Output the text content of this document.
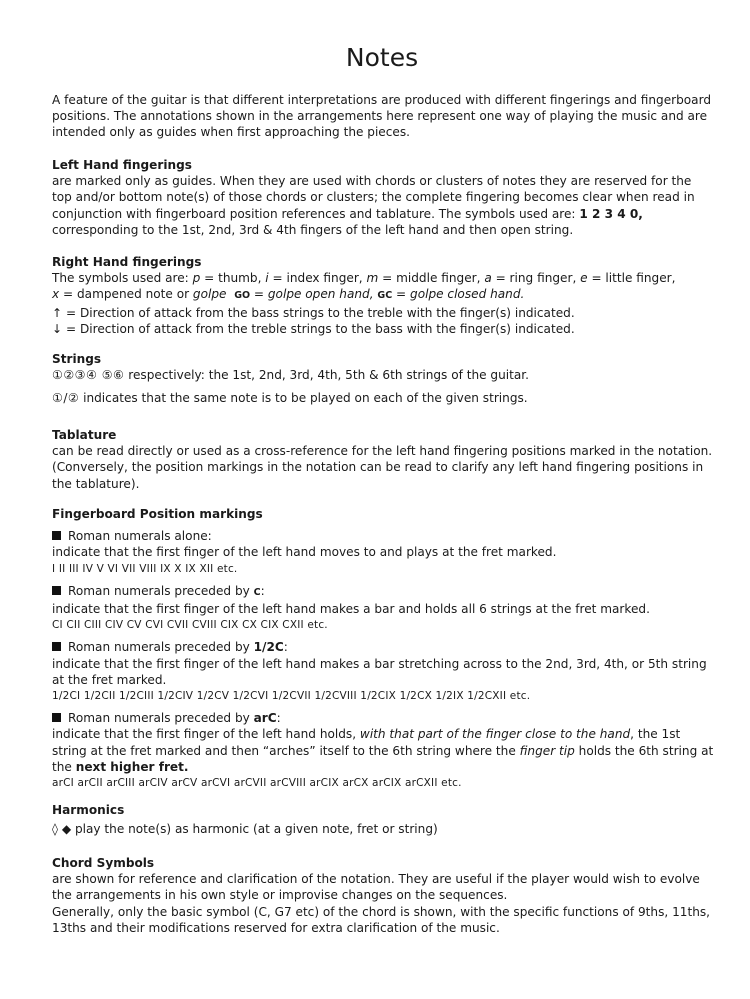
Notes

A feature of the guitar is that different interpretations are produced with different fingerings and fingerboard positions. The annotations shown in the arrangements here represent one way of playing the music and are intended only as guides when first approaching the pieces.

Left Hand fingerings

are marked only as guides. When they are used with chords or clusters of notes they are reserved for the top and/or bottom note(s) of those chords or clusters; the complete fingering becomes clear when read in conjunction with fingerboard position references and tablature. The symbols used are: 1 2 3 4 0, corresponding to the 1st, 2nd, 3rd & 4th fingers of the left hand and then open string.

Right Hand fingerings

The symbols used are: p = thumb, i = index finger, m = middle finger, a = ring finger, e = little finger,

x = dampened note or golpe GO = golpe open hand, GC = golpe closed hand.

↑ = Direction of attack from the bass strings to the treble with the finger(s) indicated.

↓ = Direction of attack from the treble strings to the bass with the finger(s) indicated.

Strings

①②③④ ⑤⑥ respectively: the 1st, 2nd, 3rd, 4th, 5th & 6th strings of the guitar.

①/② indicates that the same note is to be played on each of the given strings.

Tablature

can be read directly or used as a cross-reference for the left hand fingering positions marked in the notation. (Conversely, the position markings in the notation can be read to clarify any left hand fingering positions in the tablature).

Fingerboard Position markings

Roman numerals alone:

indicate that the first finger of the left hand moves to and plays at the fret marked.

I II III IV V VI VII VIII IX X IX XII etc.

Roman numerals preceded by C:

indicate that the first finger of the left hand makes a bar and holds all 6 strings at the fret marked.

CI CII CIII CIV CV CVI CVII CVIII CIX CX CIX CXII etc.

Roman numerals preceded by 1/2C:

indicate that the first finger of the left hand makes a bar stretching across to the 2nd, 3rd, 4th, or 5th string at the fret marked.

1/2CI 1/2CII 1/2CIII 1/2CIV 1/2CV 1/2CVI 1/2CVII 1/2CVIII 1/2CIX 1/2CX 1/2IX 1/2CXII etc.

Roman numerals preceded by arC:

indicate that the first finger of the left hand holds, with that part of the finger close to the hand, the 1st string at the fret marked and then “arches” itself to the 6th string where the finger tip holds the 6th string at the next higher fret.

arCI arCII arCIII arCIV arCV arCVI arCVII arCVIII arCIX arCX arCIX arCXII etc.

Harmonics

◊ ◆ play the note(s) as harmonic (at a given note, fret or string)

Chord Symbols

are shown for reference and clarification of the notation. They are useful if the player would wish to evolve the arrangements in his own style or improvise changes on the sequences.

Generally, only the basic symbol (C, G7 etc) of the chord is shown, with the specific functions of 9ths, 11ths, 13ths and their modifications reserved for extra clarification of the music.
